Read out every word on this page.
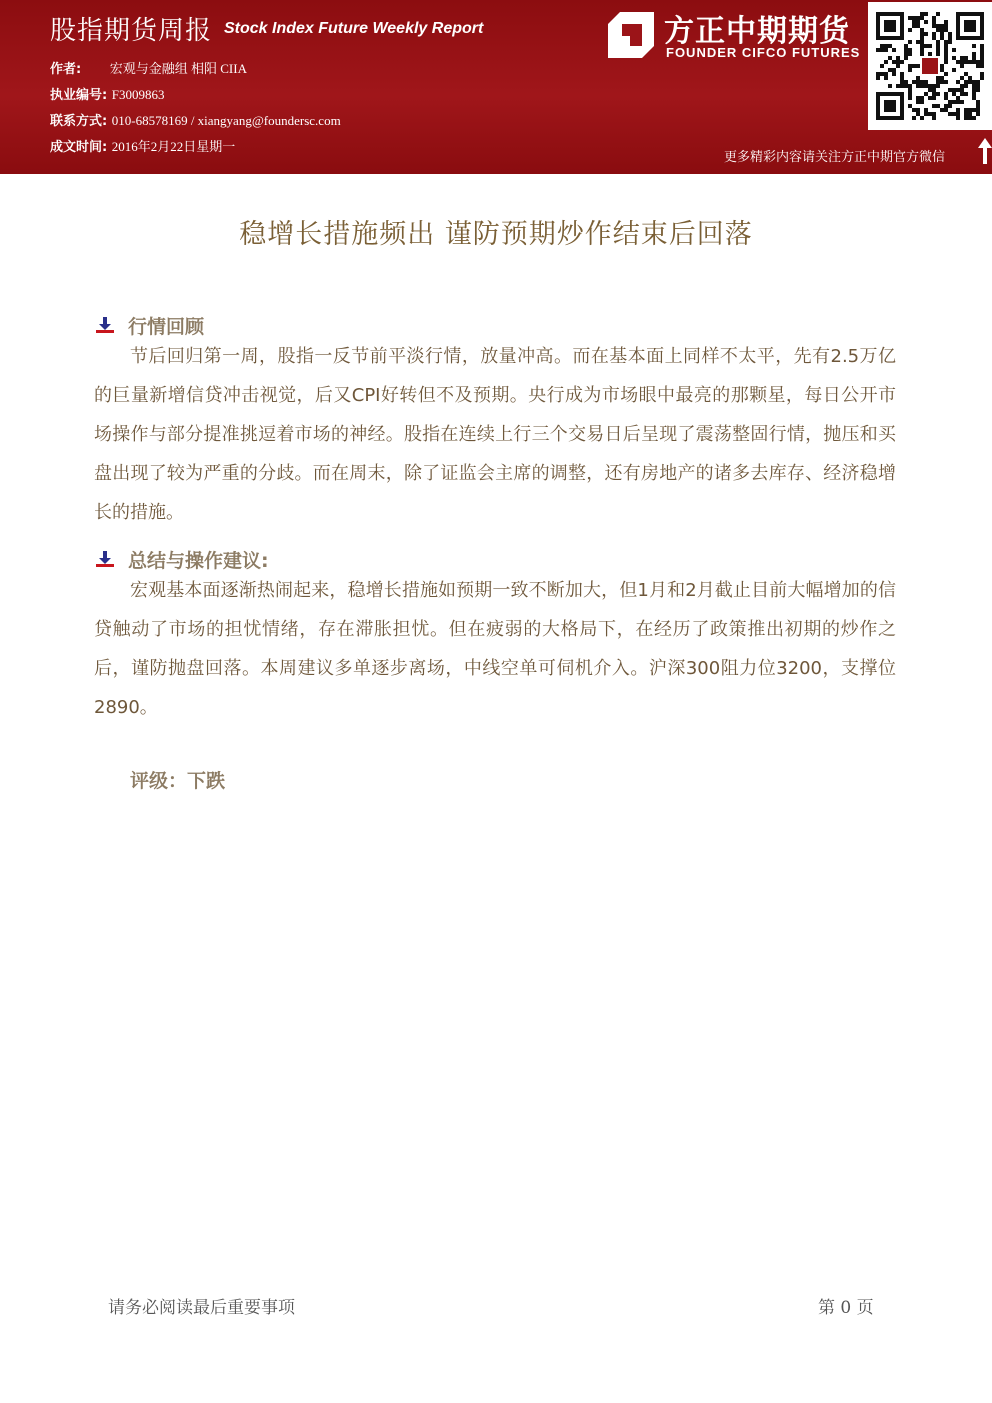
股指期货周报 Stock Index Future Weekly Report
作者: 宏观与金融组 相阳 CIIA
执业编号: F3009863
联系方式: 010-68578169 / xiangyang@foundersc.com
成文时间: 2016年2月22日星期一
方正中期期货
FOUNDER CIFCO FUTURES
更多精彩内容请关注方正中期官方微信
稳增长措施频出 谨防预期炒作结束后回落
行情回顾
节后回归第一周，股指一反节前平淡行情，放量冲高。而在基本面上同样不太平，先有2.5万亿的巨量新增信贷冲击视觉，后又CPI好转但不及预期。央行成为市场眼中最亮的那颗星，每日公开市场操作与部分提准挑逗着市场的神经。股指在连续上行三个交易日后呈现了震荡整固行情，抛压和买盘出现了较为严重的分歧。而在周末，除了证监会主席的调整，还有房地产的诸多去库存、经济稳增长的措施。
总结与操作建议:
宏观基本面逐渐热闹起来，稳增长措施如预期一致不断加大，但1月和2月截止目前大幅增加的信贷触动了市场的担忧情绪，存在滞胀担忧。但在疲弱的大格局下，在经历了政策推出初期的炒作之后，谨防抛盘回落。本周建议多单逐步离场，中线空单可伺机介入。沪深300阻力位3200，支撑位2890。
评级：下跌
请务必阅读最后重要事项	第 0 页
